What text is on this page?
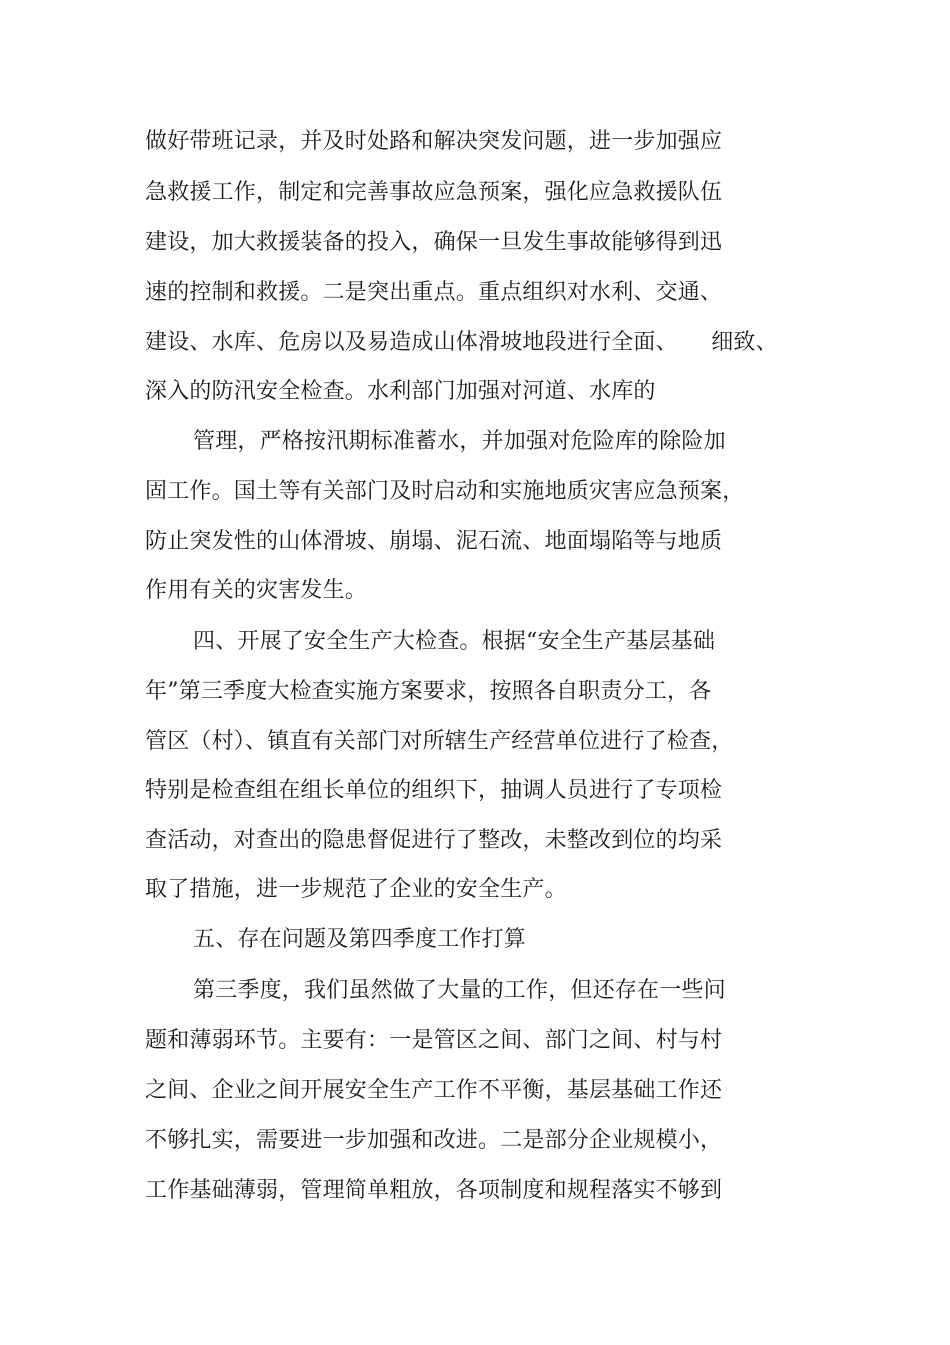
做好带班记录，并及时处路和解决突发问题，进一步加强应
急救援工作，制定和完善事故应急预案，强化应急救援队伍
建设，加大救援装备的投入，确保一旦发生事故能够得到迅
速的控制和救援。二是突出重点。重点组织对水利、交通、
建设、水库、危房以及易造成山体滑坡地段进行全面、　　细致、
深入的防汛安全检查。水利部门加强对河道、水库的
管理，严格按汛期标准蓄水，并加强对危险库的除险加
固工作。国土等有关部门及时启动和实施地质灾害应急预案，
防止突发性的山体滑坡、崩塌、泥石流、地面塌陷等与地质
作用有关的灾害发生。
四、开展了安全生产大检查。根据“安全生产基层基础
年”第三季度大检查实施方案要求，按照各自职责分工，各
管区（村）、镇直有关部门对所辖生产经营单位进行了检查，
特别是检查组在组长单位的组织下，抽调人员进行了专项检
查活动，对查出的隐患督促进行了整改，未整改到位的均采
取了措施，进一步规范了企业的安全生产。
五、存在问题及第四季度工作打算
第三季度，我们虽然做了大量的工作，但还存在一些问
题和薄弱环节。主要有：一是管区之间、部门之间、村与村
之间、企业之间开展安全生产工作不平衡，基层基础工作还
不够扎实，需要进一步加强和改进。二是部分企业规模小，
工作基础薄弱，管理简单粗放，各项制度和规程落实不够到
